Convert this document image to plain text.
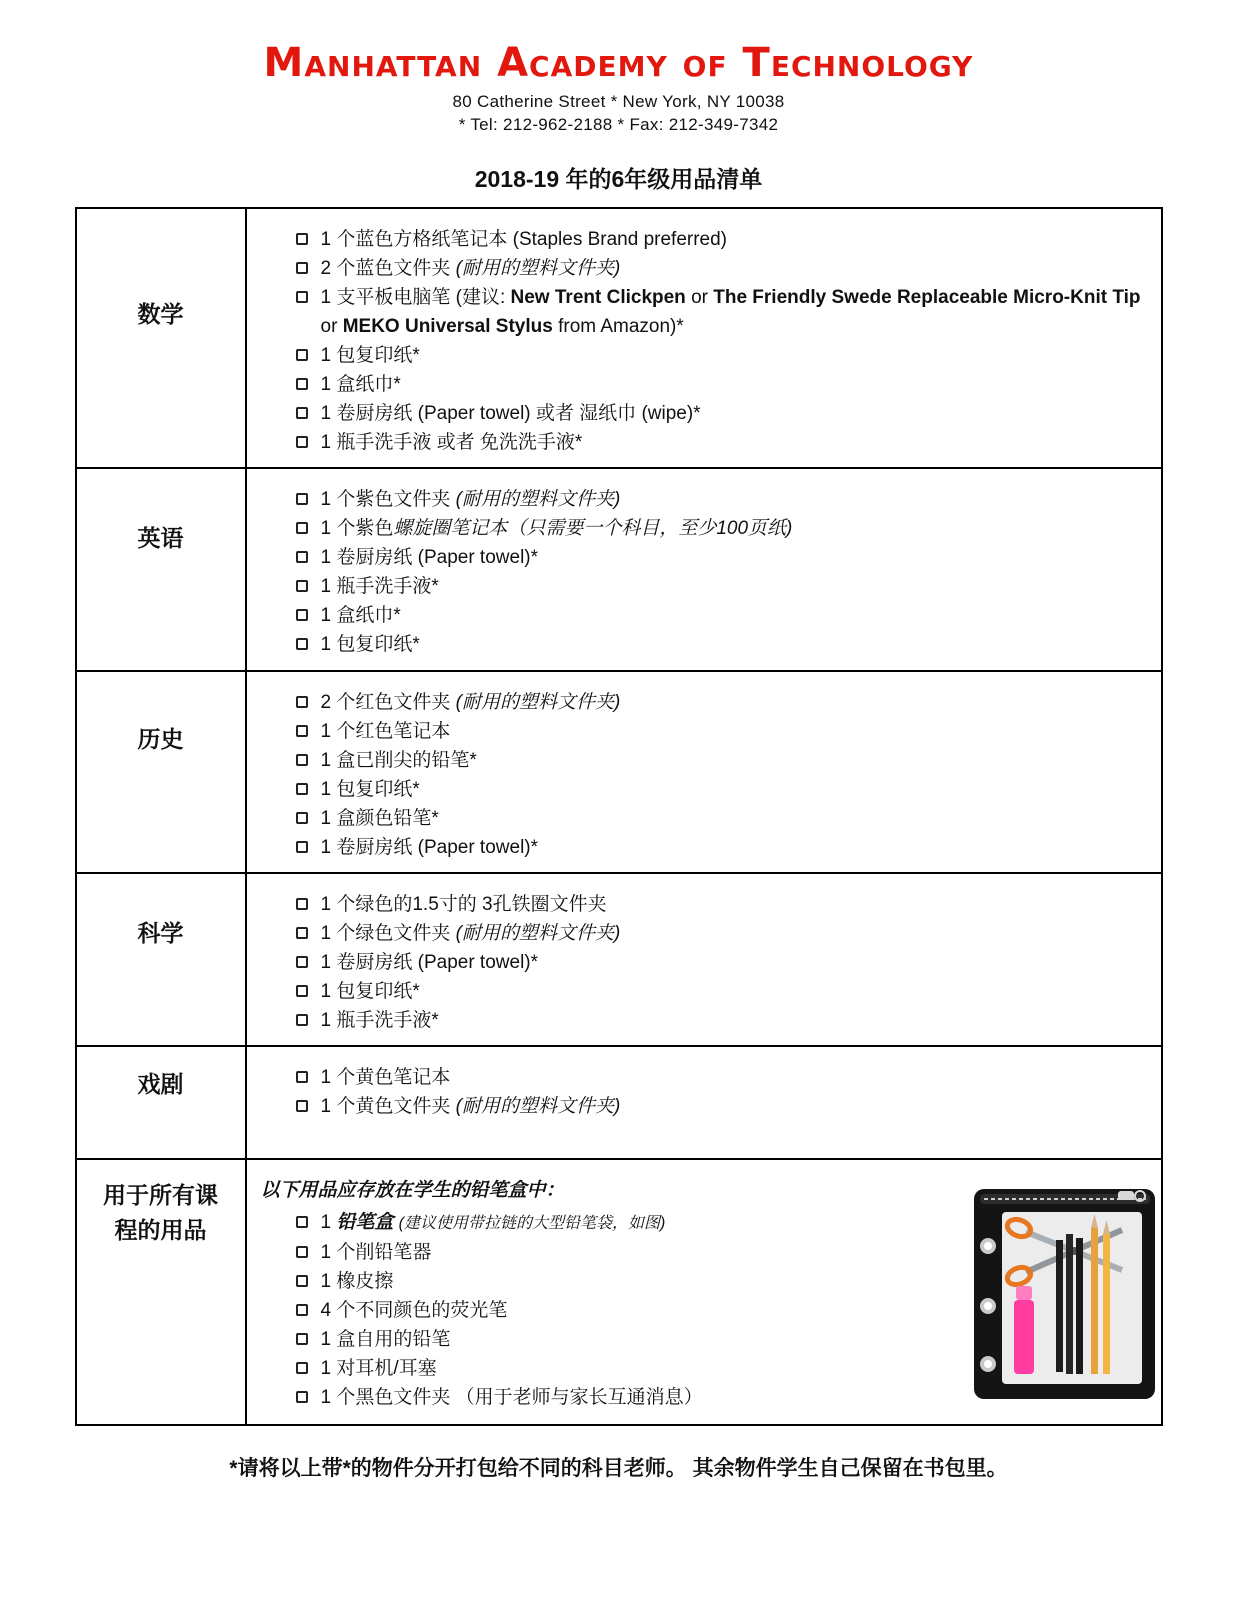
Manhattan Academy of Technology
80 Catherine Street * New York, NY 10038
* Tel: 212-962-2188 * Fax: 212-349-7342
2018-19 年的6年级用品清单
数学
1 个蓝色方格纸笔记本 (Staples Brand preferred)
2 个蓝色文件夹 (耐用的塑料文件夹)
1 支平板电脑笔 (建议: New Trent Clickpen or The Friendly Swede Replaceable Micro-Knit Tip or MEKO Universal Stylus from Amazon)*
1 包复印纸*
1 盒纸巾*
1 卷厨房纸 (Paper towel) 或者 湿纸巾 (wipe)*
1 瓶手洗手液 或者 免洗洗手液*
英语
1 个紫色文件夹 (耐用的塑料文件夹)
1 个紫色螺旋圈笔记本（只需要一个科目，至少100页纸)
1 卷厨房纸 (Paper towel)*
1 瓶手洗手液*
1 盒纸巾*
1 包复印纸*
历史
2 个红色文件夹 (耐用的塑料文件夹)
1 个红色笔记本
1 盒已削尖的铅笔*
1 包复印纸*
1 盒颜色铅笔*
1 卷厨房纸 (Paper towel)*
科学
1 个绿色的1.5寸的 3孔铁圈文件夹
1 个绿色文件夹 (耐用的塑料文件夹)
1 卷厨房纸 (Paper towel)*
1 包复印纸*
1 瓶手洗手液*
戏剧	1 个黄色笔记本
1 个黄色文件夹 (耐用的塑料文件夹)
用于所有课程的用品
以下用品应存放在学生的铅笔盒中：
1 铅笔盒 (建议使用带拉链的大型铅笔袋，如图)
1 个削铅笔器
1 橡皮擦
4 个不同颜色的荧光笔
1 盒自用的铅笔
1 对耳机/耳塞
1 个黑色文件夹 （用于老师与家长互通消息）
*请将以上带*的物件分开打包给不同的科目老师。 其余物件学生自己保留在书包里。
